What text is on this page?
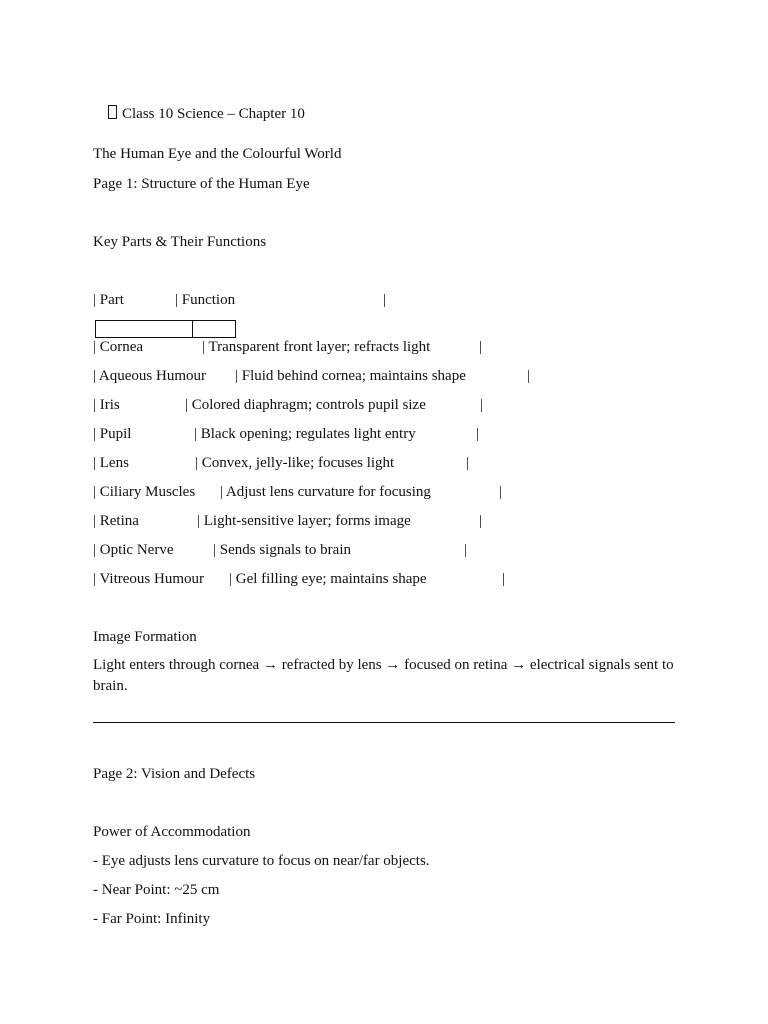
Class 10 Science – Chapter 10

The Human Eye and the Colourful World
Page 1: Structure of the Human Eye
Key Parts & Their Functions
| Part	| Function	|
| Cornea	| Transparent front layer; refracts light	|
| Aqueous Humour | Fluid behind cornea; maintains shape	|
| Iris	| Colored diaphragm; controls pupil size	|
| Pupil	| Black opening; regulates light entry	|
| Lens	| Convex, jelly-like; focuses light	|
| Ciliary Muscles | Adjust lens curvature for focusing	|
| Retina	| Light-sensitive layer; forms image	|
| Optic Nerve	| Sends signals to brain	|
| Vitreous Humour | Gel filling eye; maintains shape	|
Image Formation
Light enters through cornea → refracted by lens → focused on retina → electrical signals sent to brain.
Page 2: Vision and Defects
Power of Accommodation
- Eye adjusts lens curvature to focus on near/far objects.
- Near Point: ~25 cm
- Far Point: Infinity
